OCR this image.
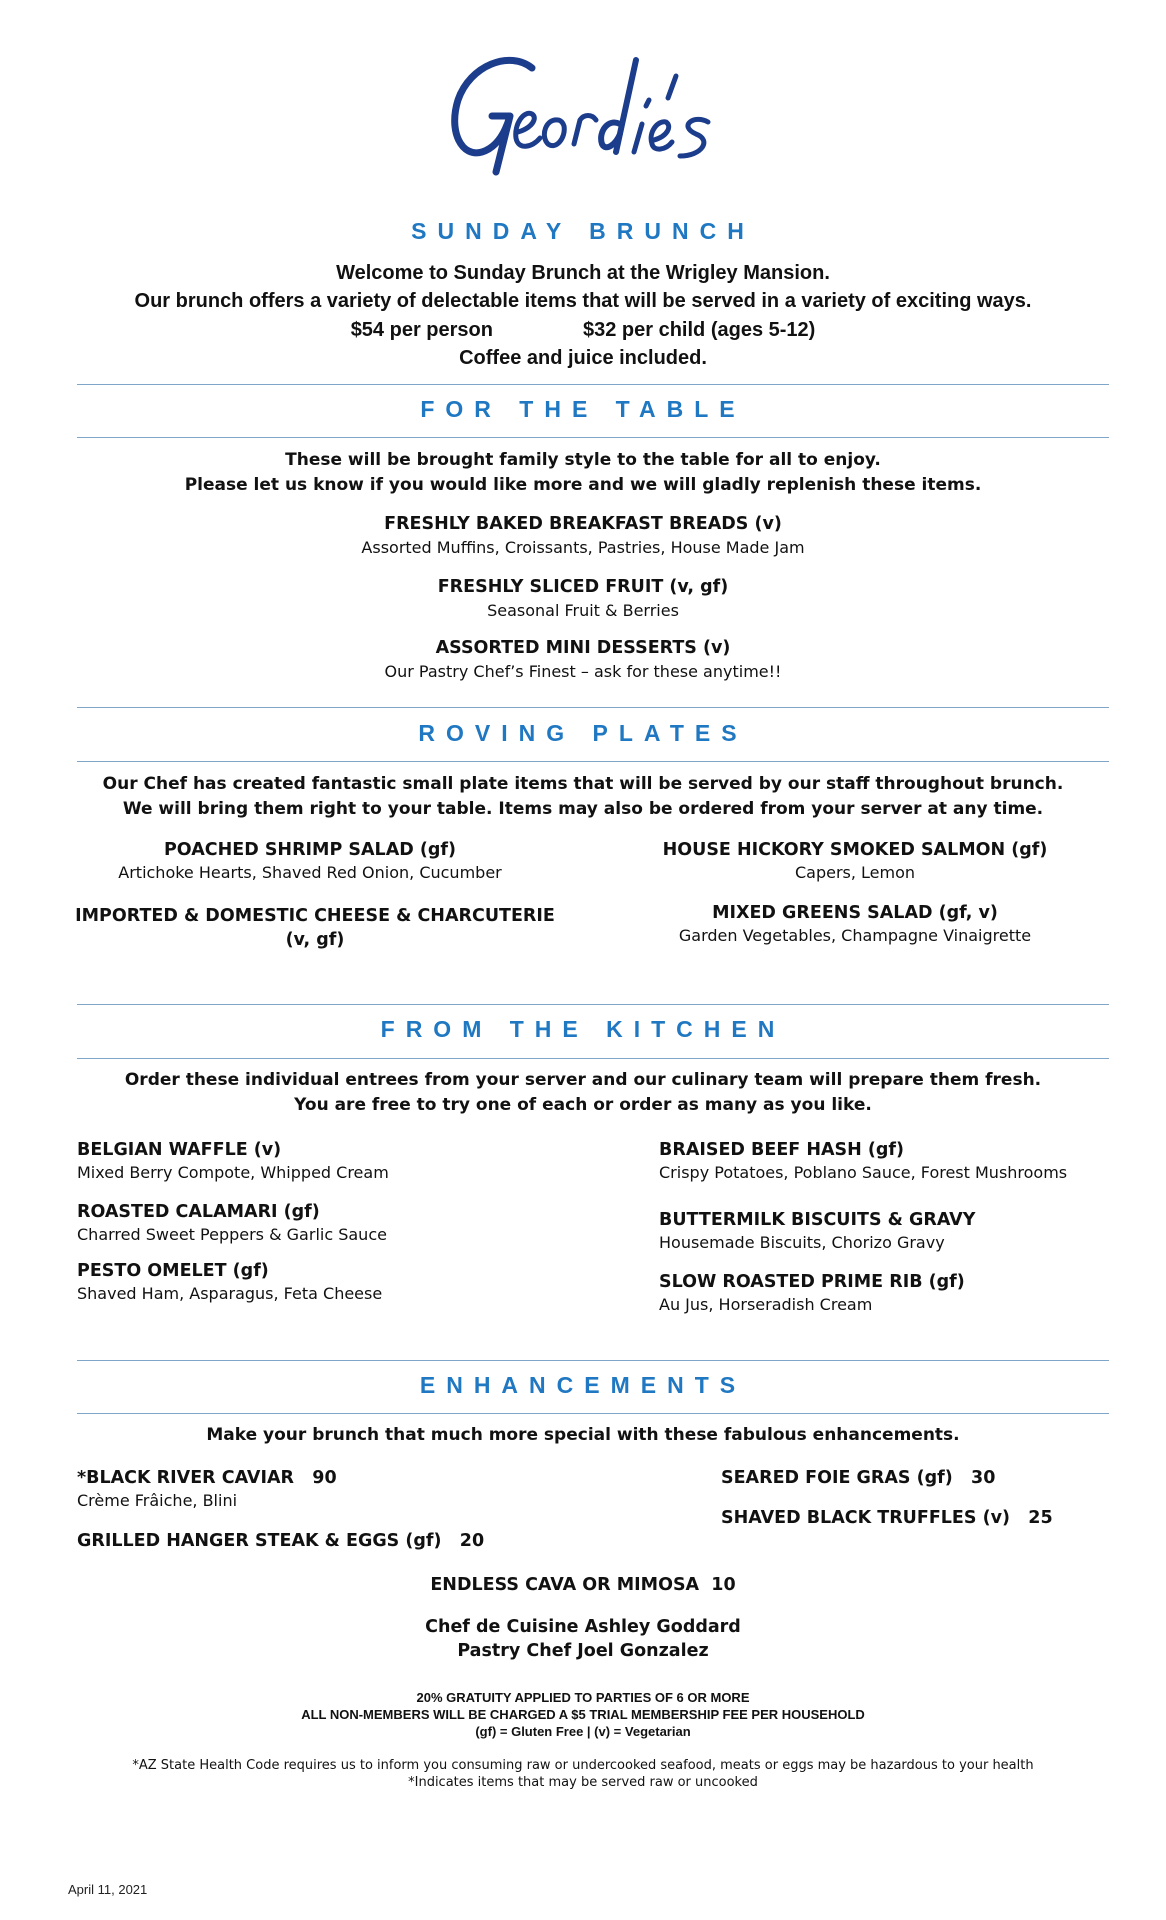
SUNDAY BRUNCH
Welcome to Sunday Brunch at the Wrigley Mansion.
Our brunch offers a variety of delectable items that will be served in a variety of exciting ways.
$54 per person	$32 per child (ages 5-12)
Coffee and juice included.
FOR THE TABLE
These will be brought family style to the table for all to enjoy.
Please let us know if you would like more and we will gladly replenish these items.
FRESHLY BAKED BREAKFAST BREADS (v)
Assorted Muffins, Croissants, Pastries, House Made Jam
FRESHLY SLICED FRUIT (v, gf)
Seasonal Fruit & Berries
ASSORTED MINI DESSERTS (v)
Our Pastry Chef’s Finest – ask for these anytime!!
ROVING PLATES
Our Chef has created fantastic small plate items that will be served by our staff throughout brunch.
We will bring them right to your table. Items may also be ordered from your server at any time.
POACHED SHRIMP SALAD (gf)
Artichoke Hearts, Shaved Red Onion, Cucumber
IMPORTED & DOMESTIC CHEESE & CHARCUTERIE
(v, gf)
HOUSE HICKORY SMOKED SALMON (gf)
Capers, Lemon
MIXED GREENS SALAD (gf, v)
Garden Vegetables, Champagne Vinaigrette
FROM THE KITCHEN
Order these individual entrees from your server and our culinary team will prepare them fresh.
You are free to try one of each or order as many as you like.
BELGIAN WAFFLE (v)
Mixed Berry Compote, Whipped Cream
ROASTED CALAMARI (gf)
Charred Sweet Peppers & Garlic Sauce
PESTO OMELET (gf)
Shaved Ham, Asparagus, Feta Cheese
BRAISED BEEF HASH (gf)
Crispy Potatoes, Poblano Sauce, Forest Mushrooms
BUTTERMILK BISCUITS & GRAVY
Housemade Biscuits, Chorizo Gravy
SLOW ROASTED PRIME RIB (gf)
Au Jus, Horseradish Cream
ENHANCEMENTS
Make your brunch that much more special with these fabulous enhancements.
*BLACK RIVER CAVIAR 90
Crème Frâiche, Blini
GRILLED HANGER STEAK & EGGS (gf) 20
SEARED FOIE GRAS (gf) 30
SHAVED BLACK TRUFFLES (v) 25
ENDLESS CAVA OR MIMOSA 10
Chef de Cuisine Ashley Goddard
Pastry Chef Joel Gonzalez
20% GRATUITY APPLIED TO PARTIES OF 6 OR MORE
ALL NON-MEMBERS WILL BE CHARGED A $5 TRIAL MEMBERSHIP FEE PER HOUSEHOLD
(gf) = Gluten Free | (v) = Vegetarian
*AZ State Health Code requires us to inform you consuming raw or undercooked seafood, meats or eggs may be hazardous to your health
*Indicates items that may be served raw or uncooked
April 11, 2021
